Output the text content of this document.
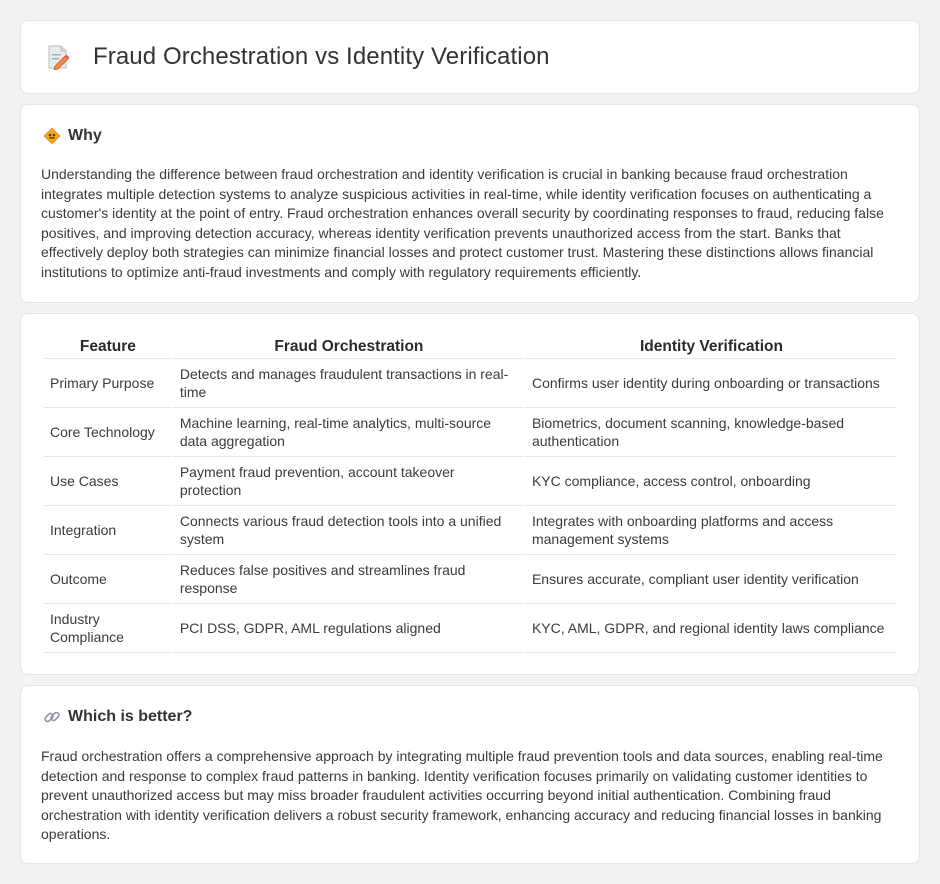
Fraud Orchestration vs Identity Verification
Why

Understanding the difference between fraud orchestration and identity verification is crucial in banking because fraud orchestration integrates multiple detection systems to analyze suspicious activities in real-time, while identity verification focuses on authenticating a customer's identity at the point of entry. Fraud orchestration enhances overall security by coordinating responses to fraud, reducing false positives, and improving detection accuracy, whereas identity verification prevents unauthorized access from the start. Banks that effectively deploy both strategies can minimize financial losses and protect customer trust. Mastering these distinctions allows financial institutions to optimize anti-fraud investments and comply with regulatory requirements efficiently.

Feature	Fraud Orchestration	Identity Verification
Primary Purpose	Detects and manages fraudulent transactions in real-time	Confirms user identity during onboarding or transactions
Core Technology	Machine learning, real-time analytics, multi-source data aggregation	Biometrics, document scanning, knowledge-based authentication
Use Cases	Payment fraud prevention, account takeover protection	KYC compliance, access control, onboarding
Integration	Connects various fraud detection tools into a unified system	Integrates with onboarding platforms and access management systems
Outcome	Reduces false positives and streamlines fraud response	Ensures accurate, compliant user identity verification
Industry Compliance	PCI DSS, GDPR, AML regulations aligned	KYC, AML, GDPR, and regional identity laws compliance
Which is better?

Fraud orchestration offers a comprehensive approach by integrating multiple fraud prevention tools and data sources, enabling real-time detection and response to complex fraud patterns in banking. Identity verification focuses primarily on validating customer identities to prevent unauthorized access but may miss broader fraudulent activities occurring beyond initial authentication. Combining fraud orchestration with identity verification delivers a robust security framework, enhancing accuracy and reducing financial losses in banking operations.
